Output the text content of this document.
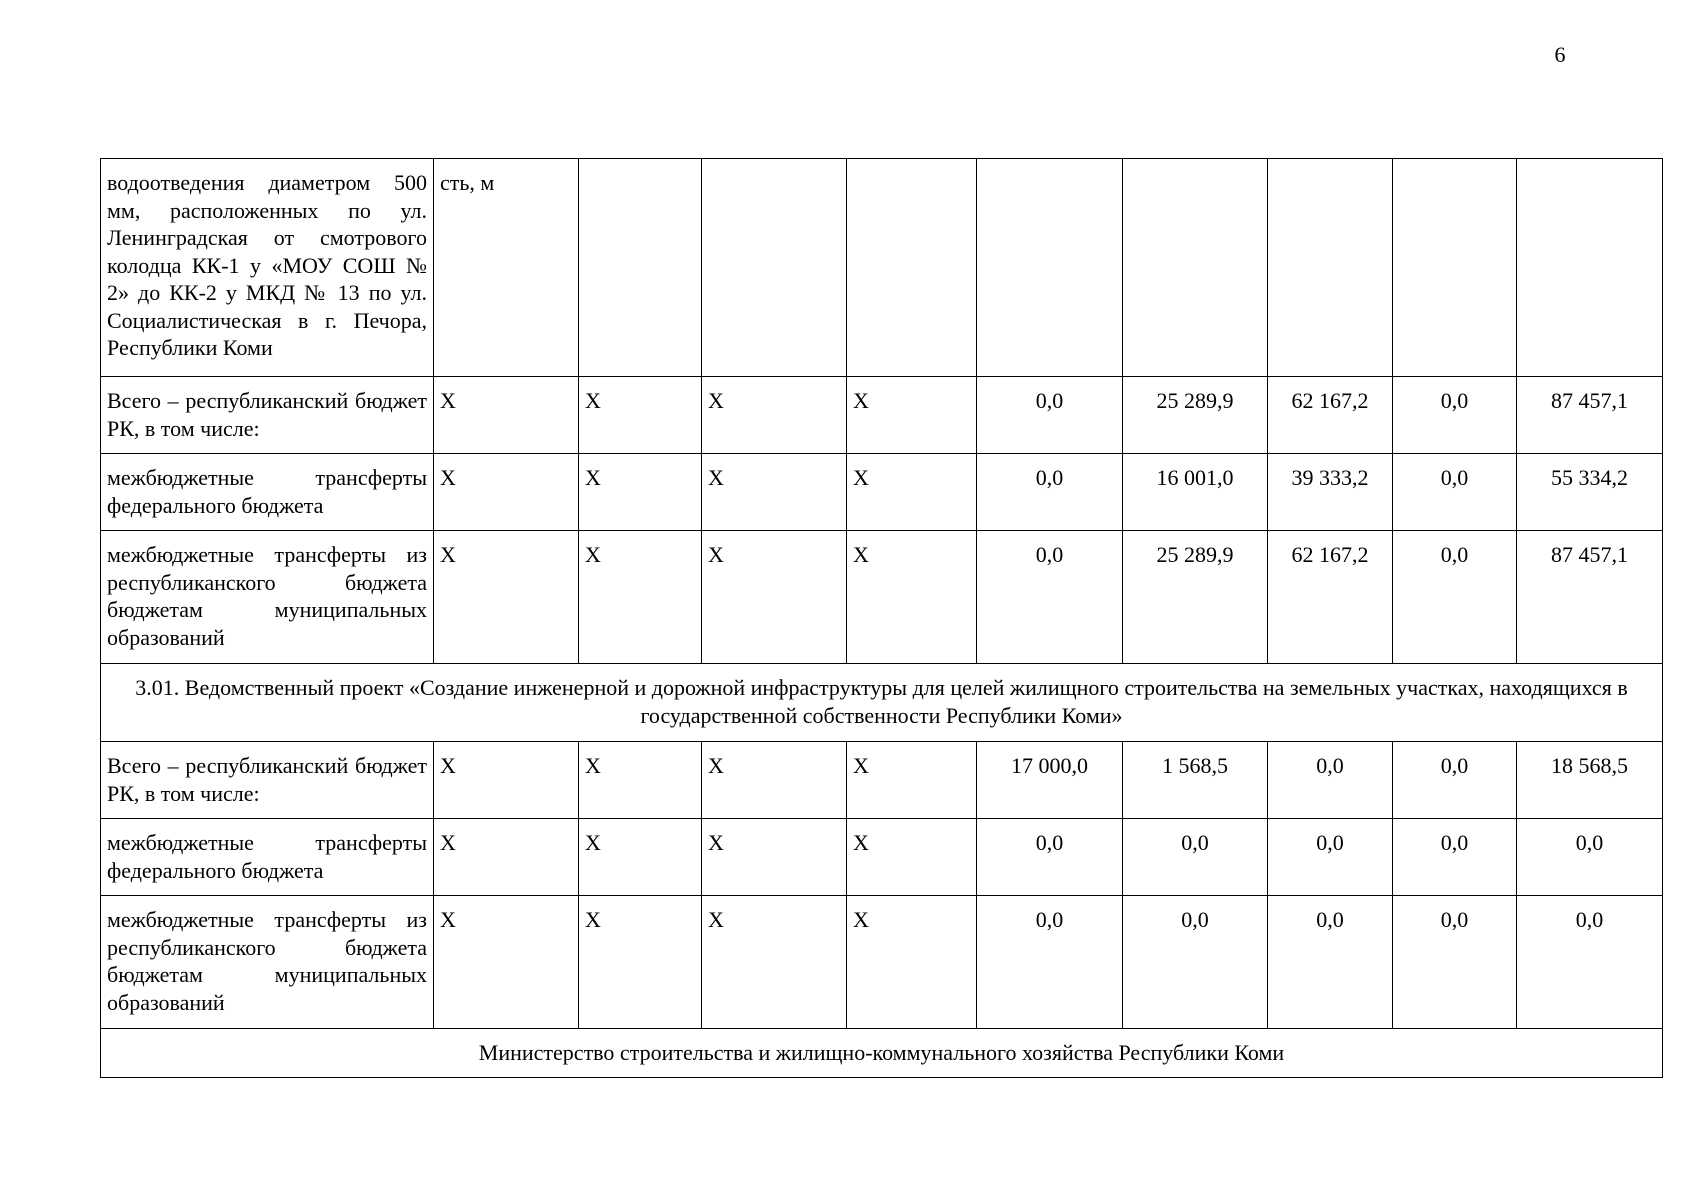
6
водоотведения диаметром 500 мм, расположенных по ул. Ленинградская от смотрового колодца КК-1 у «МОУ СОШ № 2» до КК-2 у МКД № 13 по ул. Социалистическая в г. Печора, Республики Коми	сть, м								
Всего – республиканский бюджет РК, в том числе:	X	X	X	X	0,0	25 289,9	62 167,2	0,0	87 457,1
межбюджетные трансферты федерального бюджета	X	X	X	X	0,0	16 001,0	39 333,2	0,0	55 334,2
межбюджетные трансферты из республиканского бюджета бюджетам муниципальных образований	X	X	X	X	0,0	25 289,9	62 167,2	0,0	87 457,1
3.01. Ведомственный проект «Создание инженерной и дорожной инфраструктуры для целей жилищного строительства на земельных участках, находящихся в государственной собственности Республики Коми»									
Всего – республиканский бюджет РК, в том числе:	X	X	X	X	17 000,0	1 568,5	0,0	0,0	18 568,5
межбюджетные трансферты федерального бюджета	X	X	X	X	0,0	0,0	0,0	0,0	0,0
межбюджетные трансферты из республиканского бюджета бюджетам муниципальных образований	X	X	X	X	0,0	0,0	0,0	0,0	0,0
Министерство строительства и жилищно-коммунального хозяйства Республики Коми									
